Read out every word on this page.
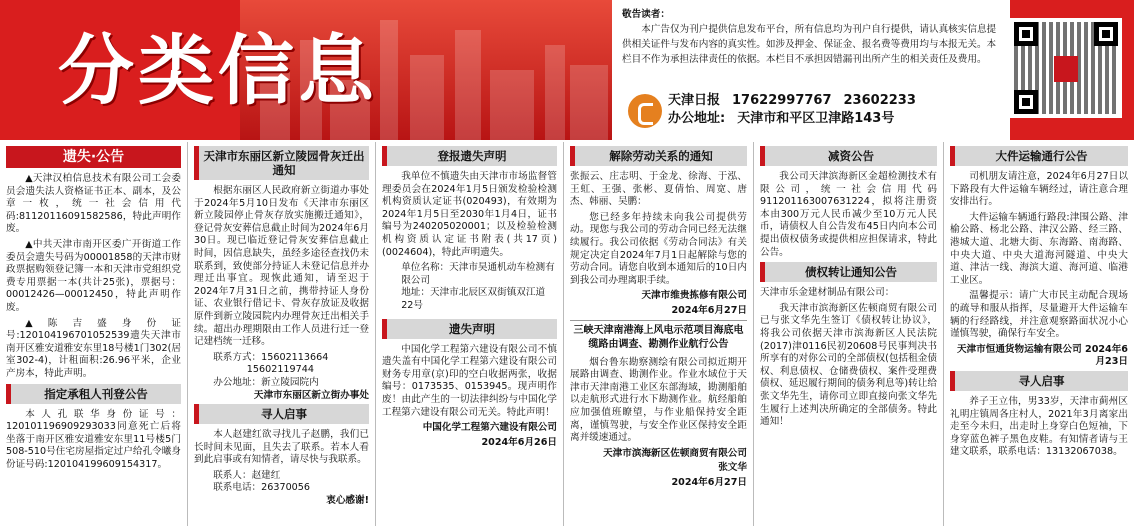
分类信息
敬告读者：
本广告仅为刊户提供信息发布平台，所有信息均为刊户自行提供，请认真核实信息提供相关证件与发布内容的真实性。如涉及押金、保证金、报名费等费用均与本报无关。本栏目不作为承担法律责任的依据。本栏目不承担因错漏刊出所产生的相关责任及费用。
天津日报 17622997767 23602233
办公地址: 天津市和平区卫津路143号
遗失·公告

▲天津汉柏信息技术有限公司工会委员会遗失法人资格证书正本、副本，及公章一枚，统一社会信用代码:81120116091582586，特此声明作废。

▲中共天津市南开区委广开街道工作委员会遗失号码为00001858的天津市财政票据购领登记簿一本和天津市党组织党费专用票据一本(共计25张)，票据号：00012426—00012450，特此声明作废。

▲陈吉盛身份证号:120104196701052539遗失天津市南开区雅安道雅安东里18号楼1门302(居室302-4)，计租面积:26.96平米，企业产房本，特此声明。

指定承租人刊登公告

本人孔联华身份证号：120101196909293033同意死亡后将坐落于南开区雅安道雅安东里11号楼5门508-510号住宅房屋指定过户给孔令曦身份证号码:120104199609154317。

天津市东丽区新立陵园骨灰迁出通知

根据东丽区人民政府新立街道办事处于2024年5月10日发布《天津市东丽区新立陵园停止骨灰存放实施搬迁通知》，登记骨灰安葬信息截止时间为2024年6月30日。现已临近登记骨灰安葬信息截止时间，因信息缺失，虽经多途径查找仍未联系到，致使部分持证人未登记信息并办理迁出事宜。现恢此通知，请至迟于2024年7月31日之前，携带持证人身份证、农业银行借记卡、骨灰存放证及收据原件到新立陵园院内办理骨灰迁出相关手续。超出办理期限由工作人员进行迁一登记建档统一迁移。

联系方式：15602113664
15602119744
办公地址：新立陵园院内
天津市东丽区新立街办事处
寻人启事

本人赵建红欲寻找儿子赵鹏，我们已长时间未见面，且失去了联系。若本人看到此启事或有知情者，请尽快与我联系。

联系人：赵建红
联系电话：26370056
衷心感谢!
登报遗失声明

我单位不慎遗失由天津市市场监督管理委员会在2024年1月5日颁发检验检测机构资质认定证书(020493)，有效期为2024年1月5日至2030年1月4日，证书编号为240205020001；以及检验检测机构资质认定证书附表(共17页)(0024604)，特此声明遗失。

单位名称：天津市昊通机动车检测有限公司
地址：天津市北辰区双街镇双江道22号
遗失声明

中国化学工程第六建设有限公司不慎遗失盖有中国化学工程第六建设有限公司财务专用章(京)印的空白收据两张，收据编号：0173535、0153945。现声明作废！由此产生的一切法律纠纷与中国化学工程第六建设有限公司无关。特此声明！

中国化学工程第六建设有限公司
2024年6月26日
解除劳动关系的通知

张振云、庄志明、于金龙、徐海、于泓、王虹、王强、张彬、夏倩怡、周宽、唐杰、韩丽、吴鹏：

您已经多年持续未向我公司提供劳动。现您与我公司的劳动合同已经无法继续履行。我公司依据《劳动合同法》有关规定决定自2024年7月1日起解除与您的劳动合同。请您自收到本通知后的10日内到我公司办理离职手续。

天津市维贵拣修有限公司
2024年6月27日
三峡天津南港海上风电示范项目海底电缆路由调查、勘测作业航行公告

烟台鲁东勘察测绘有限公司拟近期开展路由调查、勘测作业。作业水域位于天津市天津南港工业区东部海域，勘测船舶以走航形式进行水下勘测作业。航经船舶应加强值班瞭望，与作业船保持安全距离，谨慎驾驶，与安全作业区保持安全距离并缓速通过。

天津市滨海新区佐顿商贸有限公司
张文华
2024年6月27日
减资公告

我公司天津滨海新区金超检测技术有限公司，统一社会信用代码911201163007631224，拟将注册资本由300万元人民币减少至10万元人民币，请债权人自公告发布45日内向本公司提出债权债务或提供相应担保请求，特此公告。

债权转让通知公告

天津市乐金建材制品有限公司：

我天津市滨海新区佐顿商贸有限公司已与张文华先生签订《债权转让协议》，将我公司依据天津市滨海新区人民法院(2017)津0116民初20608号民事判决书所享有的对你公司的全部债权(包括租金债权、利息债权、仓储费债权、案件受理费债权、延迟履行期间的债务利息等)转让给张文华先生，请你司立即直接向张文华先生履行上述判决所确定的全部债务。特此通知！

大件运输通行公告

司机朋友请注意，2024年6月27日以下路段有大件运输车辆经过，请注意合理安排出行。

大件运输车辆通行路段:津围公路、津榆公路、杨北公路、津汉公路、经三路、港城大道、北塘大街、东海路、南海路、中央大道、中央大道海河隧道、中央大道、津沽一线、海滨大道、海河道、临港工业区。

温馨提示：请广大市民主动配合现场的疏导和服从指挥，尽量避开大件运输车辆的行经路线，并注意观察路面状况小心谨慎驾驶，确保行车安全。

天津市恒通货物运输有限公司 2024年6月23日
寻人启事

养子王立伟，男33岁，天津市蓟州区礼明庄镇周各庄村人，2021年3月离家出走至今未归，出走时上身穿白色短袖，下身穿蓝色裤子黑色皮鞋。有知情者请与王建文联系，联系电话：13132067038。
